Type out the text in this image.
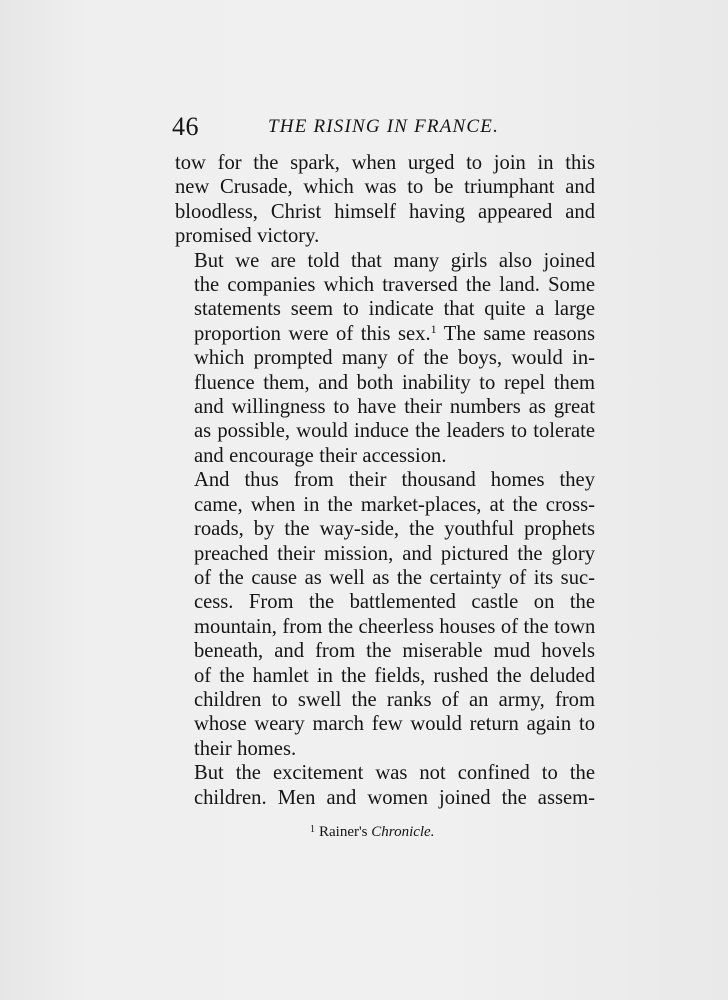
46	THE RISING IN FRANCE.

tow for the spark, when urged to join in this
new Crusade, which was to be triumphant and
bloodless, Christ himself having appeared and
promised victory.

But we are told that many girls also joined
the companies which traversed the land. Some
statements seem to indicate that quite a large
proportion were of this sex.$^1$ The same reasons
which prompted many of the boys, would in-
fluence them, and both inability to repel them
and willingness to have their numbers as great
as possible, would induce the leaders to tolerate
and encourage their accession.

And thus from their thousand homes they
came, when in the market-places, at the cross-
roads, by the way-side, the youthful prophets
preached their mission, and pictured the glory
of the cause as well as the certainty of its suc-
cess. From the battlemented castle on the
mountain, from the cheerless houses of the town
beneath, and from the miserable mud hovels
of the hamlet in the fields, rushed the deluded
children to swell the ranks of an army, from
whose weary march few would return again to
their homes.

But the excitement was not confined to the
children. Men and women joined the assem-

$^1$ Rainer's Chronicle.
